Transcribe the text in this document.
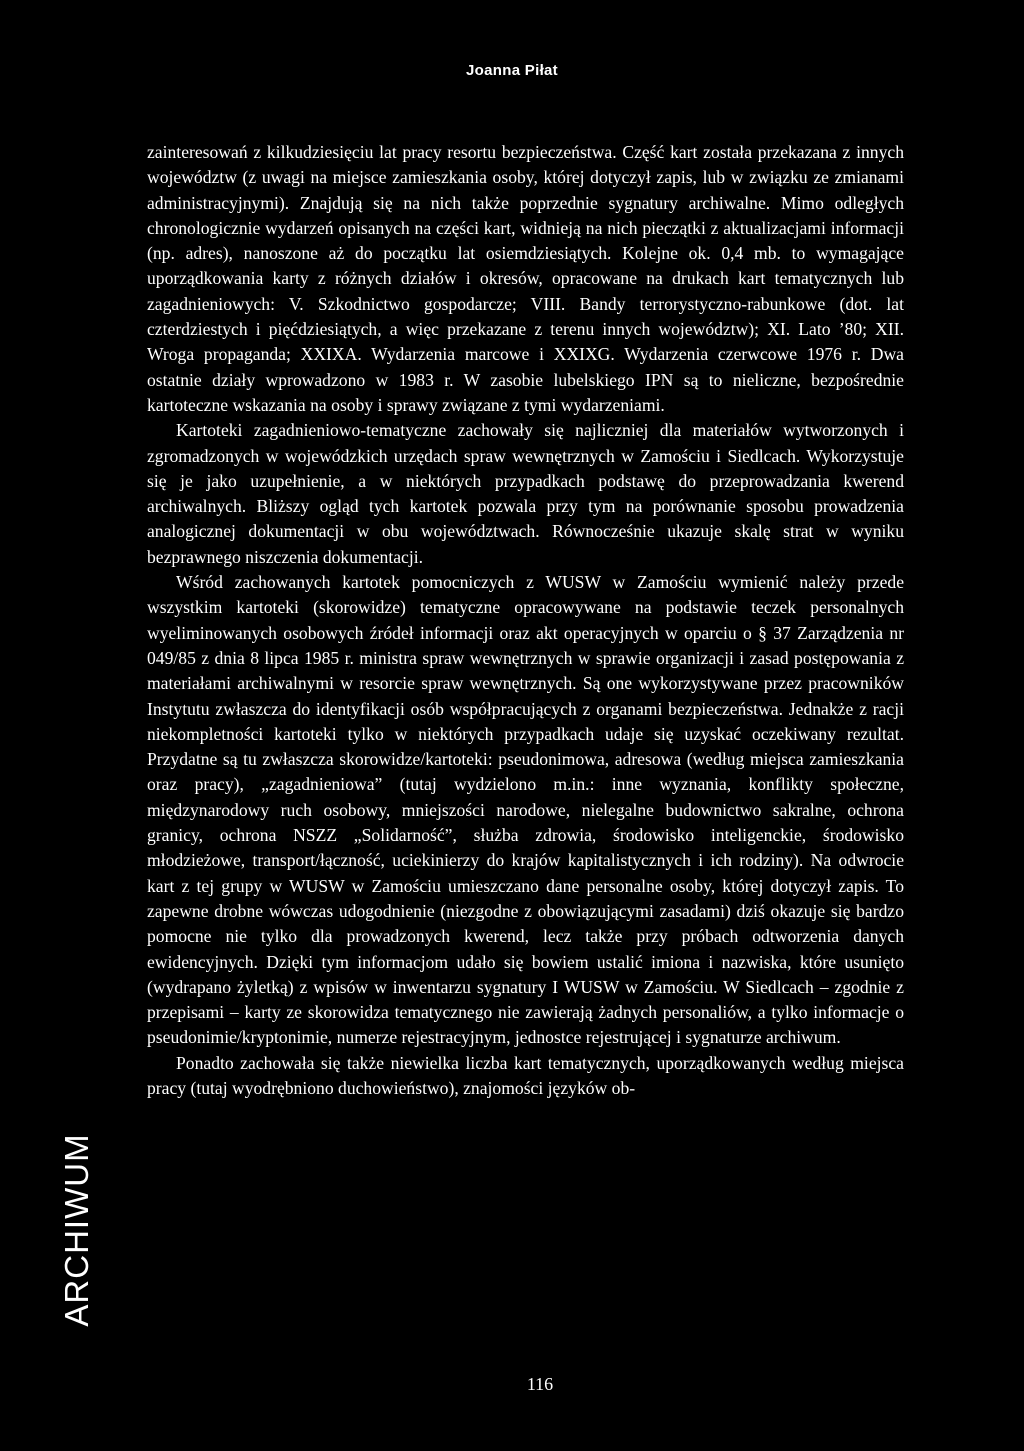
Joanna Piłat

zainteresowań z kilkudziesięciu lat pracy resortu bezpieczeństwa. Część kart została przekazana z innych województw (z uwagi na miejsce zamieszkania osoby, której dotyczył zapis, lub w związku ze zmianami administracyjnymi). Znajdują się na nich także poprzednie sygnatury archiwalne. Mimo odległych chronologicznie wydarzeń opisanych na części kart, widnieją na nich pieczątki z aktualizacjami informacji (np. adres), nanoszone aż do początku lat osiemdziesiątych. Kolejne ok. 0,4 mb. to wymagające uporządkowania karty z różnych działów i okresów, opracowane na drukach kart tematycznych lub zagadnieniowych: V. Szkodnictwo gospodarcze; VIII. Bandy terrorystyczno-rabunkowe (dot. lat czterdziestych i pięćdziesiątych, a więc przekazane z terenu innych województw); XI. Lato ’80; XII. Wroga propaganda; XXIXA. Wydarzenia marcowe i XXIXG. Wydarzenia czerwcowe 1976 r. Dwa ostatnie działy wprowadzono w 1983 r. W zasobie lubelskiego IPN są to nieliczne, bezpośrednie kartoteczne wskazania na osoby i sprawy związane z tymi wydarzeniami.

Kartoteki zagadnieniowo-tematyczne zachowały się najliczniej dla materiałów wytworzonych i zgromadzonych w wojewódzkich urzędach spraw wewnętrznych w Zamościu i Siedlcach. Wykorzystuje się je jako uzupełnienie, a w niektórych przypadkach podstawę do przeprowadzania kwerend archiwalnych. Bliższy ogląd tych kartotek pozwala przy tym na porównanie sposobu prowadzenia analogicznej dokumentacji w obu województwach. Równocześnie ukazuje skalę strat w wyniku bezprawnego niszczenia dokumentacji.

Wśród zachowanych kartotek pomocniczych z WUSW w Zamościu wymienić należy przede wszystkim kartoteki (skorowidze) tematyczne opracowywane na podstawie teczek personalnych wyeliminowanych osobowych źródeł informacji oraz akt operacyjnych w oparciu o § 37 Zarządzenia nr 049/85 z dnia 8 lipca 1985 r. ministra spraw wewnętrznych w sprawie organizacji i zasad postępowania z materiałami archiwalnymi w resorcie spraw wewnętrznych. Są one wykorzystywane przez pracowników Instytutu zwłaszcza do identyfikacji osób współpracujących z organami bezpieczeństwa. Jednakże z racji niekompletności kartoteki tylko w niektórych przypadkach udaje się uzyskać oczekiwany rezultat. Przydatne są tu zwłaszcza skorowidze/kartoteki: pseudonimowa, adresowa (według miejsca zamieszkania oraz pracy), „zagadnieniowa” (tutaj wydzielono m.in.: inne wyznania, konflikty społeczne, międzynarodowy ruch osobowy, mniejszości narodowe, nielegalne budownictwo sakralne, ochrona granicy, ochrona NSZZ „Solidarność”, służba zdrowia, środowisko inteligenckie, środowisko młodzieżowe, transport/łączność, uciekinierzy do krajów kapitalistycznych i ich rodziny). Na odwrocie kart z tej grupy w WUSW w Zamościu umieszczano dane personalne osoby, której dotyczył zapis. To zapewne drobne wówczas udogodnienie (niezgodne z obowiązującymi zasadami) dziś okazuje się bardzo pomocne nie tylko dla prowadzonych kwerend, lecz także przy próbach odtworzenia danych ewidencyjnych. Dzięki tym informacjom udało się bowiem ustalić imiona i nazwiska, które usunięto (wydrapano żyletką) z wpisów w inwentarzu sygnatury I WUSW w Zamościu. W Siedlcach – zgodnie z przepisami – karty ze skorowidza tematycznego nie zawierają żadnych personaliów, a tylko informacje o pseudonimie/kryptonimie, numerze rejestracyjnym, jednostce rejestrującej i sygnaturze archiwum.

Ponadto zachowała się także niewielka liczba kart tematycznych, uporządkowanych według miejsca pracy (tutaj wyodrębniono duchowieństwo), znajomości języków ob-

ARCHIWUM
116
